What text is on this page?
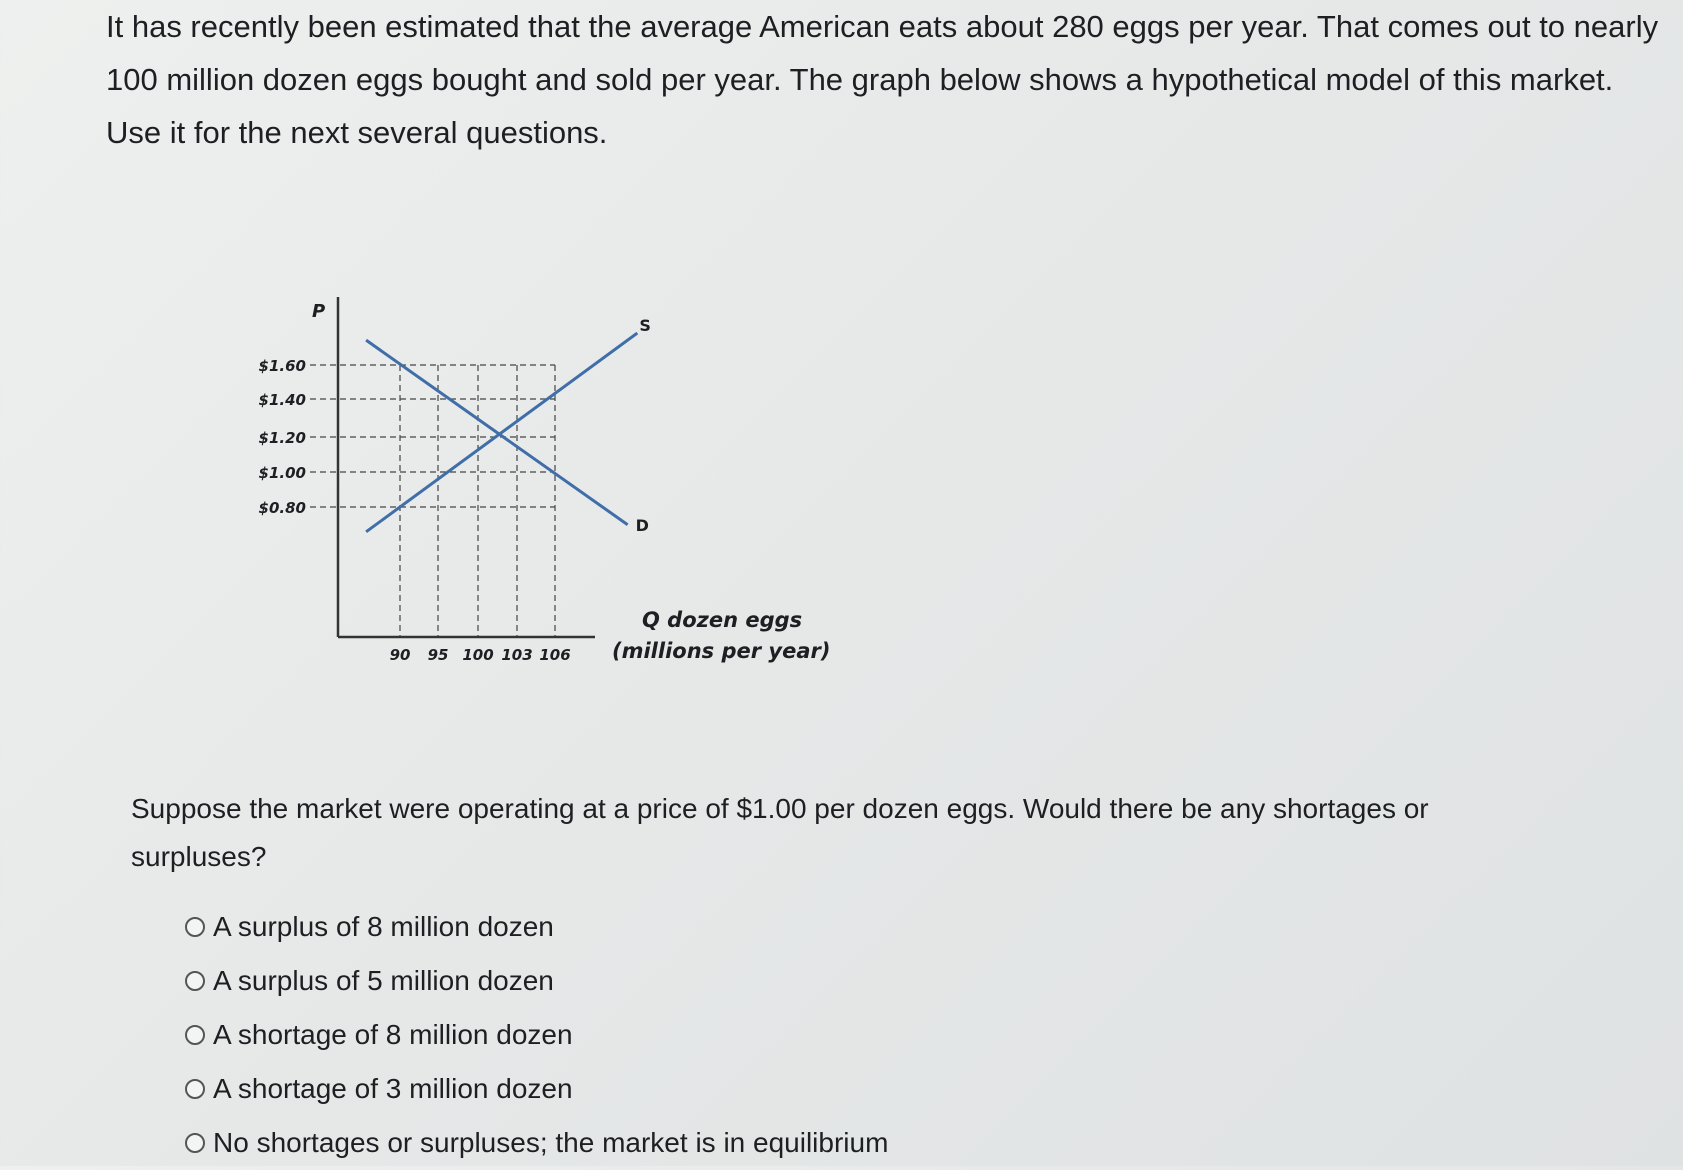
It has recently been estimated that the average American eats about 280 eggs per year. That comes out to nearly

100 million dozen eggs bought and sold per year. The graph below shows a hypothetical model of this market.

Use it for the next several questions.

P
$1.60
$1.40
$1.20
$1.00
$0.80
90 95 100 103 106
S
D
Q dozen eggs
(millions per year)

Suppose the market were operating at a price of $1.00 per dozen eggs. Would there be any shortages or surpluses?

A surplus of 8 million dozen
A surplus of 5 million dozen
A shortage of 8 million dozen
A shortage of 3 million dozen
No shortages or surpluses; the market is in equilibrium
